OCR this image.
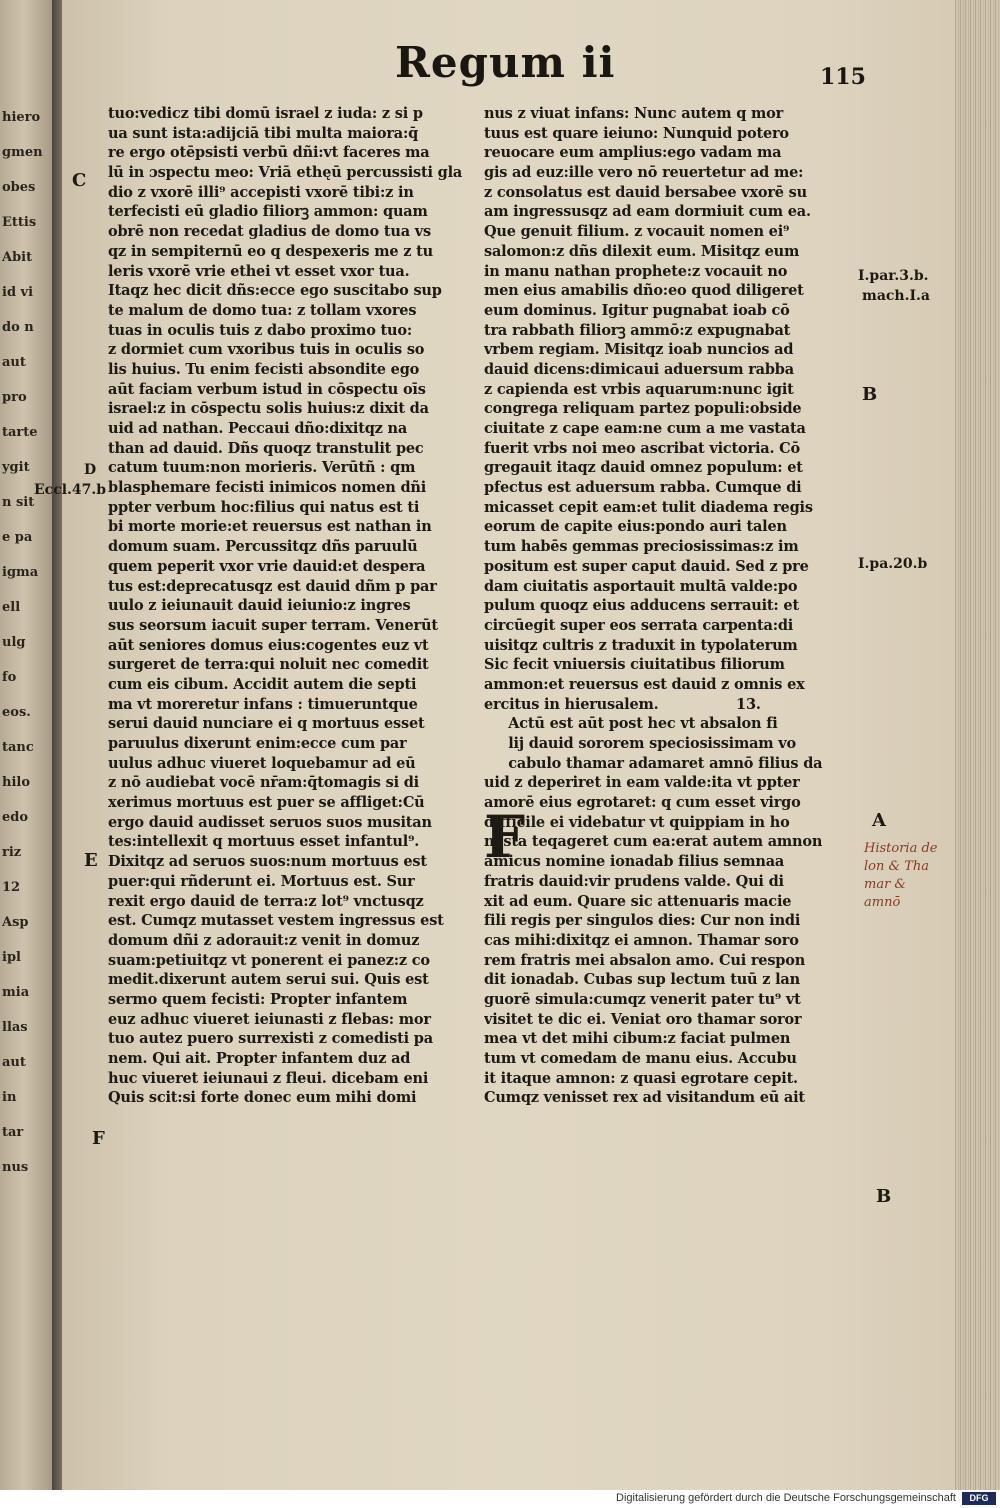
hiero
gmen
obes
Ettis
Abit
id vi
do n
aut
pro
tarte
ygit
n sit
e pa
igma
ell
ulg
fo
eos.
tanc
hilo
edo
riz
12
Asp
ipl
mia
llas
aut
in
tar
nus
Regum ii	115
tuo:vedicz tibi domū israel z iuda: z si p
ua sunt ista:adijciā tibi multa maiora:q̄
re ergo otēpsisti verbū dñi:vt faceres ma
lū in ɔspectu meo: Vriā ethęū percussisti gla
dio z vxorē illi⁹ accepisti vxorē tibi:z in
terfecisti eū gladio filiorꝫ ammon: quam
obrē non recedat gladius de domo tua vs
qz in sempiternū eo q despexeris me z tu
leris vxorē vrie ethei vt esset vxor tua.
Itaqz hec dicit dñs:ecce ego suscitabo sup
te malum de domo tua: z tollam vxores
tuas in oculis tuis z dabo proximo tuo:
z dormiet cum vxoribus tuis in oculis so
lis huius. Tu enim fecisti absondite ego
aūt faciam verbum istud in cōspectu oīs
israel:z in cōspectu solis huius:z dixit da
uid ad nathan. Peccaui dño:dixitqz na
than ad dauid. Dñs quoqz transtulit pec
catum tuum:non morieris. Verūtñ : qm
blasphemare fecisti inimicos nomen dñi
ppter verbum hoc:filius qui natus est ti
bi morte morie:et reuersus est nathan in
domum suam. Percussitqz dñs paruulū
quem peperit vxor vrie dauid:et despera
tus est:deprecatusqz est dauid dñm p par
uulo z ieiunauit dauid ieiunio:z ingres
sus seorsum iacuit super terram. Venerūt
aūt seniores domus eius:cogentes euz vt
surgeret de terra:qui noluit nec comedit
cum eis cibum. Accidit autem die septi
ma vt moreretur infans : timueruntque
serui dauid nunciare ei q mortuus esset
paruulus dixerunt enim:ecce cum par
uulus adhuc viueret loquebamur ad eū
z nō audiebat vocē nr̄am:q̄tomagis si di
xerimus mortuus est puer se affliget:Cū
ergo dauid audisset seruos suos musitan
tes:intellexit q mortuus esset infantul⁹.
Dixitqz ad seruos suos:num mortuus est
puer:qui rñderunt ei. Mortuus est. Sur
rexit ergo dauid de terra:z lot⁹ vnctusqz
est. Cumqz mutasset vestem ingressus est
domum dñi z adorauit:z venit in domuz
suam:petiuitqz vt ponerent ei panez:z co
medit.dixerunt autem serui sui. Quis est
sermo quem fecisti: Propter infantem
euz adhuc viueret ieiunasti z flebas: mor
tuo autez puero surrexisti z comedisti pa
nem. Qui ait. Propter infantem duz ad
huc viueret ieiunaui z fleui. dicebam eni
Quis scit:si forte donec eum mihi domi
nus z viuat infans: Nunc autem q mor
tuus est quare ieiuno: Nunquid potero
reuocare eum amplius:ego vadam ma
gis ad euz:ille vero nō reuertetur ad me:
z consolatus est dauid bersabee vxorē su
am ingressusqz ad eam dormiuit cum ea.
Que genuit filium. z vocauit nomen ei⁹
salomon:z dñs dilexit eum. Misitqz eum
in manu nathan prophete:z vocauit no
men eius amabilis dño:eo quod diligeret
eum dominus. Igitur pugnabat ioab cō
tra rabbath filiorꝫ ammō:z expugnabat
vrbem regiam. Misitqz ioab nuncios ad
dauid dicens:dimicaui aduersum rabba
z capienda est vrbis aquarum:nunc igit
congrega reliquam partez populi:obside
ciuitate z cape eam:ne cum a me vastata
fuerit vrbs noi meo ascribat victoria. Cō
gregauit itaqz dauid omnez populum: et
pfectus est aduersum rabba. Cumque di
micasset cepit eam:et tulit diadema regis
eorum de capite eius:pondo auri talen
tum habēs gemmas preciosissimas:z im
positum est super caput dauid. Sed z pre
dam ciuitatis asportauit multā valde:po
pulum quoqz eius adducens serrauit: et
circūegit super eos serrata carpenta:di
uisitqz cultris z traduxit in typolaterum
Sic fecit vniuersis ciuitatibus filiorum
ammon:et reuersus est dauid z omnis ex
ercitus in hierusalem.                13.
Actū est aūt post hec vt absalon fi
lij dauid sororem speciosissimam vo
cabulo thamar adamaret amnō filius da
uid z deperiret in eam valde:ita vt ppter
amorē eius egrotaret: q cum esset virgo
difficile ei videbatur vt quippiam in ho
nesta teqageret cum ea:erat autem amnon
amicus nomine ionadab filius semnaa
fratris dauid:vir prudens valde. Qui di
xit ad eum. Quare sic attenuaris macie
fili regis per singulos dies: Cur non indi
cas mihi:dixitqz ei amnon. Thamar soro
rem fratris mei absalon amo. Cui respon
dit ionadab. Cubas sup lectum tuū z lan
guorē simula:cumqz venerit pater tu⁹ vt
visitet te dic ei. Veniat oro thamar soror
mea vt det mihi cibum:z faciat pulmen
tum vt comedam de manu eius. Accubu
it itaque amnon: z quasi egrotare cepit.
Cumqz venisset rex ad visitandum eū ait
F
C
D
Eccl.47.b
E
F
I.par.3.b.
mach.I.a
B
I.pa.20.b
A
B
Historia de
lon & Tha
mar &
amnō
Digitalisierung gefördert durch die Deutsche Forschungsgemeinschaft	DFG
